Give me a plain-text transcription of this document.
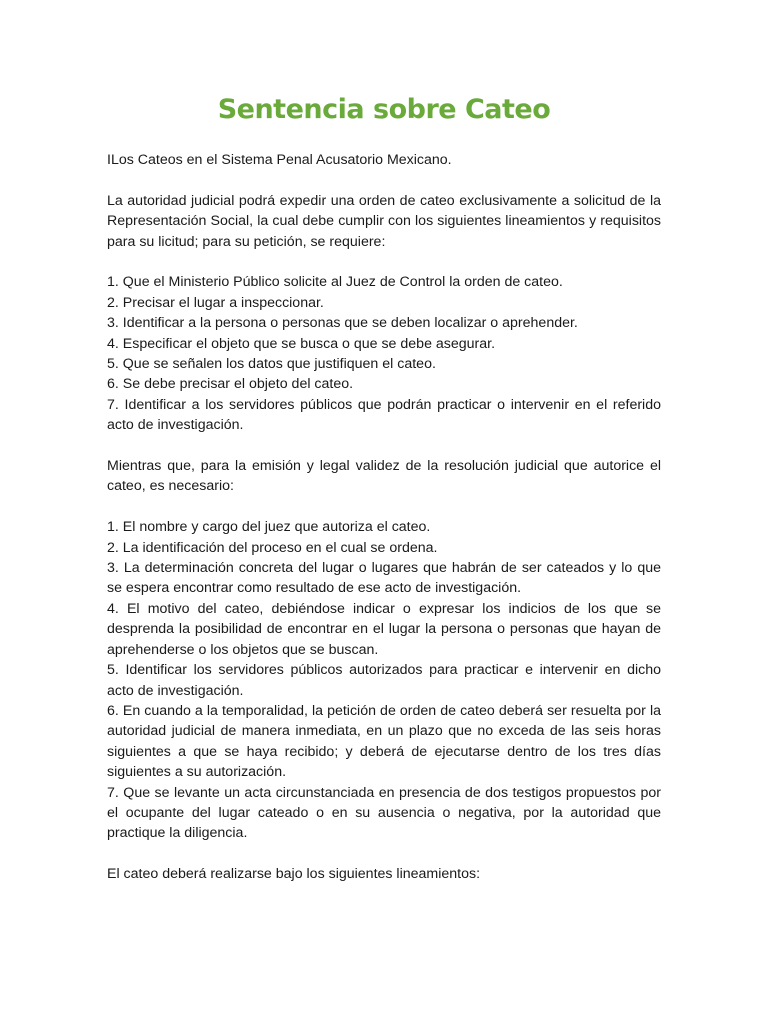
Sentencia sobre Cateo

ILos Cateos en el Sistema Penal Acusatorio Mexicano.

La autoridad judicial podrá expedir una orden de cateo exclusivamente a solicitud de la Representación Social, la cual debe cumplir con los siguientes lineamientos y requisitos para su licitud; para su petición, se requiere:

1. Que el Ministerio Público solicite al Juez de Control la orden de cateo.

2. Precisar el lugar a inspeccionar.

3. Identificar a la persona o personas que se deben localizar o aprehender.

4. Especificar el objeto que se busca o que se debe asegurar.

5. Que se señalen los datos que justifiquen el cateo.

6. Se debe precisar el objeto del cateo.

7. Identificar a los servidores públicos que podrán practicar o intervenir en el referido acto de investigación.

Mientras que, para la emisión y legal validez de la resolución judicial que autorice el cateo, es necesario:

1. El nombre y cargo del juez que autoriza el cateo.

2. La identificación del proceso en el cual se ordena.

3. La determinación concreta del lugar o lugares que habrán de ser cateados y lo que se espera encontrar como resultado de ese acto de investigación.

4. El motivo del cateo, debiéndose indicar o expresar los indicios de los que se desprenda la posibilidad de encontrar en el lugar la persona o personas que hayan de aprehenderse o los objetos que se buscan.

5. Identificar los servidores públicos autorizados para practicar e intervenir en dicho acto de investigación.

6. En cuando a la temporalidad, la petición de orden de cateo deberá ser resuelta por la autoridad judicial de manera inmediata, en un plazo que no exceda de las seis horas siguientes a que se haya recibido; y deberá de ejecutarse dentro de los tres días siguientes a su autorización.

7. Que se levante un acta circunstanciada en presencia de dos testigos propuestos por el ocupante del lugar cateado o en su ausencia o negativa, por la autoridad que practique la diligencia.

El cateo deberá realizarse bajo los siguientes lineamientos:
